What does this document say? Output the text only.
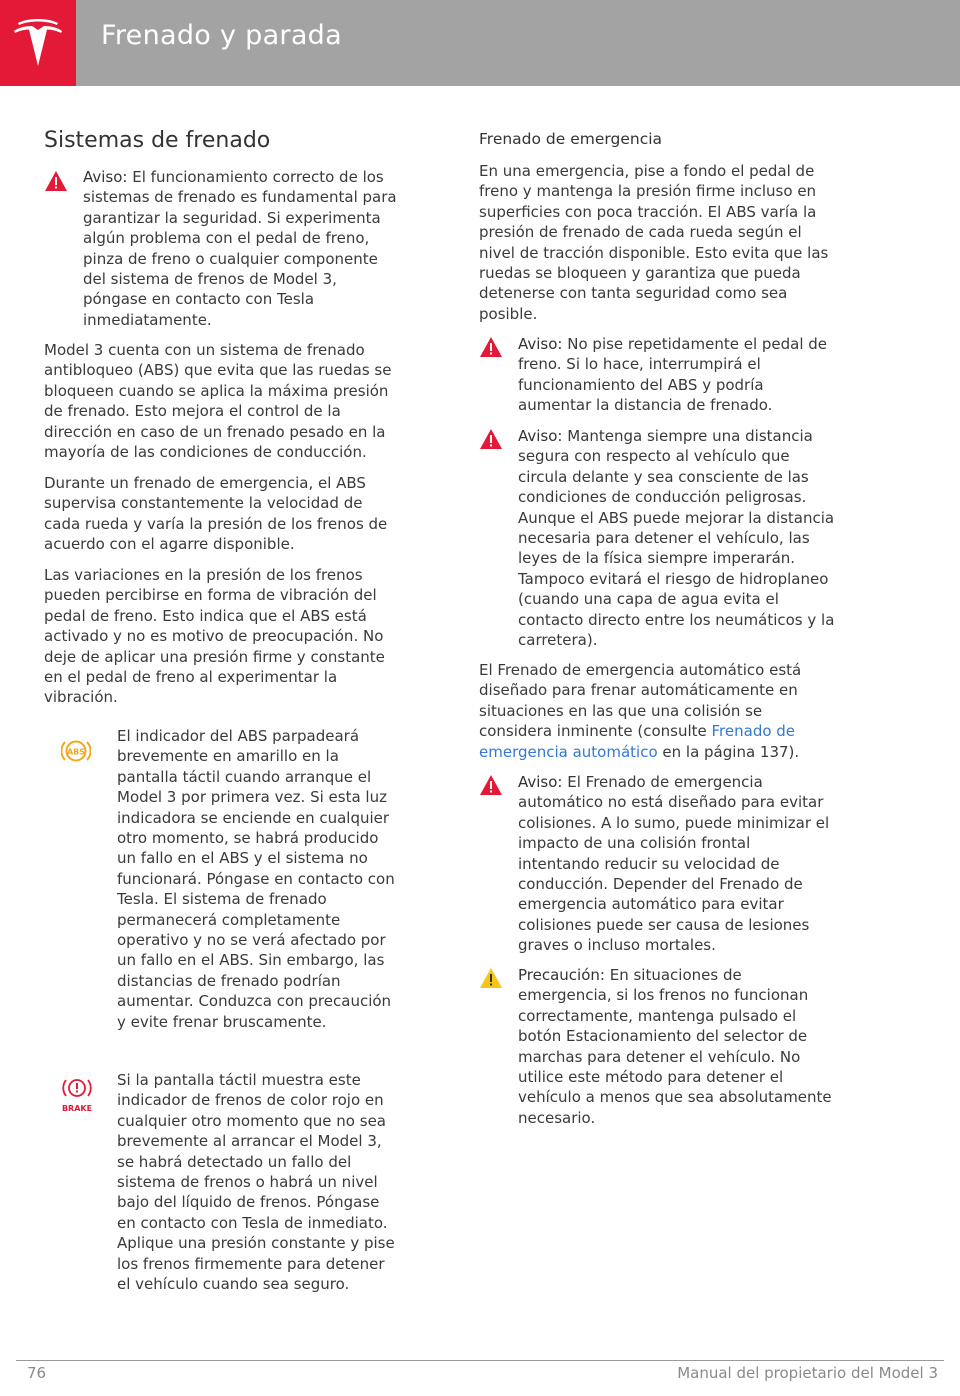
Frenado y parada
Sistemas de frenado
Aviso: El funcionamiento correcto de los
sistemas de frenado es fundamental para
garantizar la seguridad. Si experimenta
algún problema con el pedal de freno,
pinza de freno o cualquier componente
del sistema de frenos de Model 3,
póngase en contacto con Tesla
inmediatamente.
Model 3 cuenta con un sistema de frenado
antibloqueo (ABS) que evita que las ruedas se
bloqueen cuando se aplica la máxima presión
de frenado. Esto mejora el control de la
dirección en caso de un frenado pesado en la
mayoría de las condiciones de conducción.
Durante un frenado de emergencia, el ABS
supervisa constantemente la velocidad de
cada rueda y varía la presión de los frenos de
acuerdo con el agarre disponible.
Las variaciones en la presión de los frenos
pueden percibirse en forma de vibración del
pedal de freno. Esto indica que el ABS está
activado y no es motivo de preocupación. No
deje de aplicar una presión firme y constante
en el pedal de freno al experimentar la
vibración.
ABS
El indicador del ABS parpadeará
brevemente en amarillo en la
pantalla táctil cuando arranque el
Model 3 por primera vez. Si esta luz
indicadora se enciende en cualquier
otro momento, se habrá producido
un fallo en el ABS y el sistema no
funcionará. Póngase en contacto con
Tesla. El sistema de frenado
permanecerá completamente
operativo y no se verá afectado por
un fallo en el ABS. Sin embargo, las
distancias de frenado podrían
aumentar. Conduzca con precaución
y evite frenar bruscamente.
BRAKE
Si la pantalla táctil muestra este
indicador de frenos de color rojo en
cualquier otro momento que no sea
brevemente al arrancar el Model 3,
se habrá detectado un fallo del
sistema de frenos o habrá un nivel
bajo del líquido de frenos. Póngase
en contacto con Tesla de inmediato.
Aplique una presión constante y pise
los frenos firmemente para detener
el vehículo cuando sea seguro.
Frenado de emergencia
En una emergencia, pise a fondo el pedal de
freno y mantenga la presión firme incluso en
superficies con poca tracción. El ABS varía la
presión de frenado de cada rueda según el
nivel de tracción disponible. Esto evita que las
ruedas se bloqueen y garantiza que pueda
detenerse con tanta seguridad como sea
posible.
Aviso: No pise repetidamente el pedal de
freno. Si lo hace, interrumpirá el
funcionamiento del ABS y podría
aumentar la distancia de frenado.
Aviso: Mantenga siempre una distancia
segura con respecto al vehículo que
circula delante y sea consciente de las
condiciones de conducción peligrosas.
Aunque el ABS puede mejorar la distancia
necesaria para detener el vehículo, las
leyes de la física siempre imperarán.
Tampoco evitará el riesgo de hidroplaneo
(cuando una capa de agua evita el
contacto directo entre los neumáticos y la
carretera).
El Frenado de emergencia automático está
diseñado para frenar automáticamente en
situaciones en las que una colisión se
considera inminente (consulte Frenado de
emergencia automático en la página 137).
Aviso: El Frenado de emergencia
automático no está diseñado para evitar
colisiones. A lo sumo, puede minimizar el
impacto de una colisión frontal
intentando reducir su velocidad de
conducción. Depender del Frenado de
emergencia automático para evitar
colisiones puede ser causa de lesiones
graves o incluso mortales.
Precaución: En situaciones de
emergencia, si los frenos no funcionan
correctamente, mantenga pulsado el
botón Estacionamiento del selector de
marchas para detener el vehículo. No
utilice este método para detener el
vehículo a menos que sea absolutamente
necesario.
76	Manual del propietario del Model 3
